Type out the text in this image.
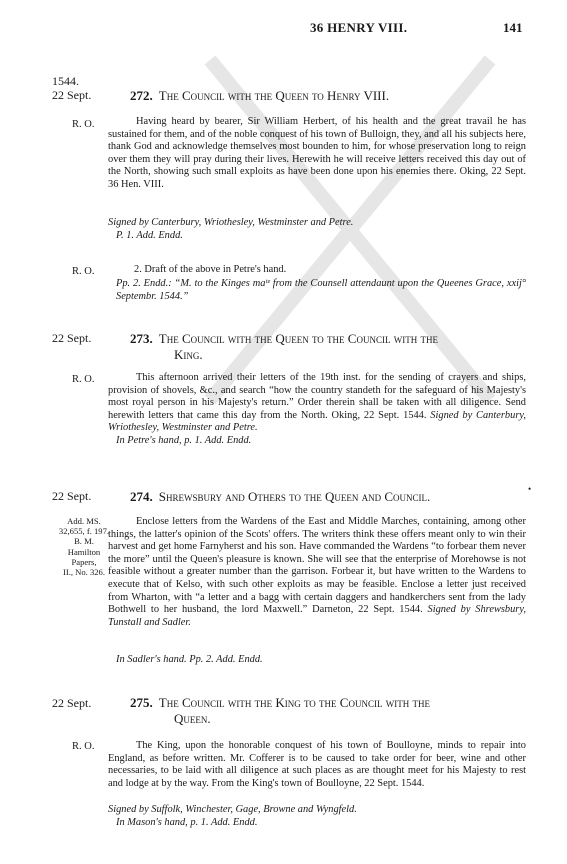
36 HENRY VIII.	141
1544.
22 Sept.	272. The Council with the Queen to Henry VIII.
R. O.	Having heard by bearer, Sir William Herbert, of his health and the great travail he has sustained for them, and of the noble conquest of his town of Bulloign, they, and all his subjects here, thank God and acknowledge themselves most bounden to him, for whose preservation long to reign over them they will pray during their lives. Herewith he will receive letters received this day out of the North, showing such small exploits as have been done upon his enemies there. Oking, 22 Sept. 36 Hen. VIII.

Signed by Canterbury, Wriothesley, Westminster and Petre.
P. 1. Add. Endd.
R. O.	2. Draft of the above in Petre's hand.
Pp. 2. Endd.: “M. to the Kinges maᵗᵉ from the Counsell attendaunt upon the Queenes Grace, xxij° Septembr. 1544.”
22 Sept.	273. The Council with the Queen to the Council with the
King.
R. O.	This afternoon arrived their letters of the 19th inst. for the sending of crayers and ships, provision of shovels, &c., and search “how the country standeth for the safeguard of his Majesty's most royal person in his Majesty's return.” Order therein shall be taken with all diligence. Send herewith letters that came this day from the North. Oking, 22 Sept. 1544. Signed by Canterbury, Wriothesley, Westminster and Petre.

In Petre's hand, p. 1. Add. Endd.
22 Sept.	274. Shrewsbury and Others to the Queen and Council.	•
Add. MS.
32,655, f. 197.
B. M.
Hamilton
Papers,
II., No. 326.

Enclose letters from the Wardens of the East and Middle Marches, containing, among other things, the latter's opinion of the Scots' offers. The writers think these offers meant only to win their harvest and get home Farnyherst and his son. Have commanded the Wardens “to forbear them never the more” until the Queen's pleasure is known. She will see that the enterprise of Morehowse is not feasible without a greater number than the garrison. Forbear it, but have written to the Wardens to execute that of Kelso, with such other exploits as may be feasible. Enclose a letter just received from Wharton, with “a letter and a bagg with certain daggers and handkerchers sent from the lady Bothwell to her husband, the lord Maxwell.” Darneton, 22 Sept. 1544. Signed by Shrewsbury, Tunstall and Sadler.

In Sadler's hand. Pp. 2. Add. Endd.
22 Sept.	275. The Council with the King to the Council with the
Queen.
R. O.	The King, upon the honorable conquest of his town of Boulloyne, minds to repair into England, as before written. Mr. Cofferer is to be caused to take order for beer, wine and other necessaries, to be laid with all diligence at such places as are thought meet for his Majesty to rest and lodge at by the way. From the King's town of Boulloyne, 22 Sept. 1544.

Signed by Suffolk, Winchester, Gage, Browne and Wyngfeld.
In Mason's hand, p. 1. Add. Endd.
